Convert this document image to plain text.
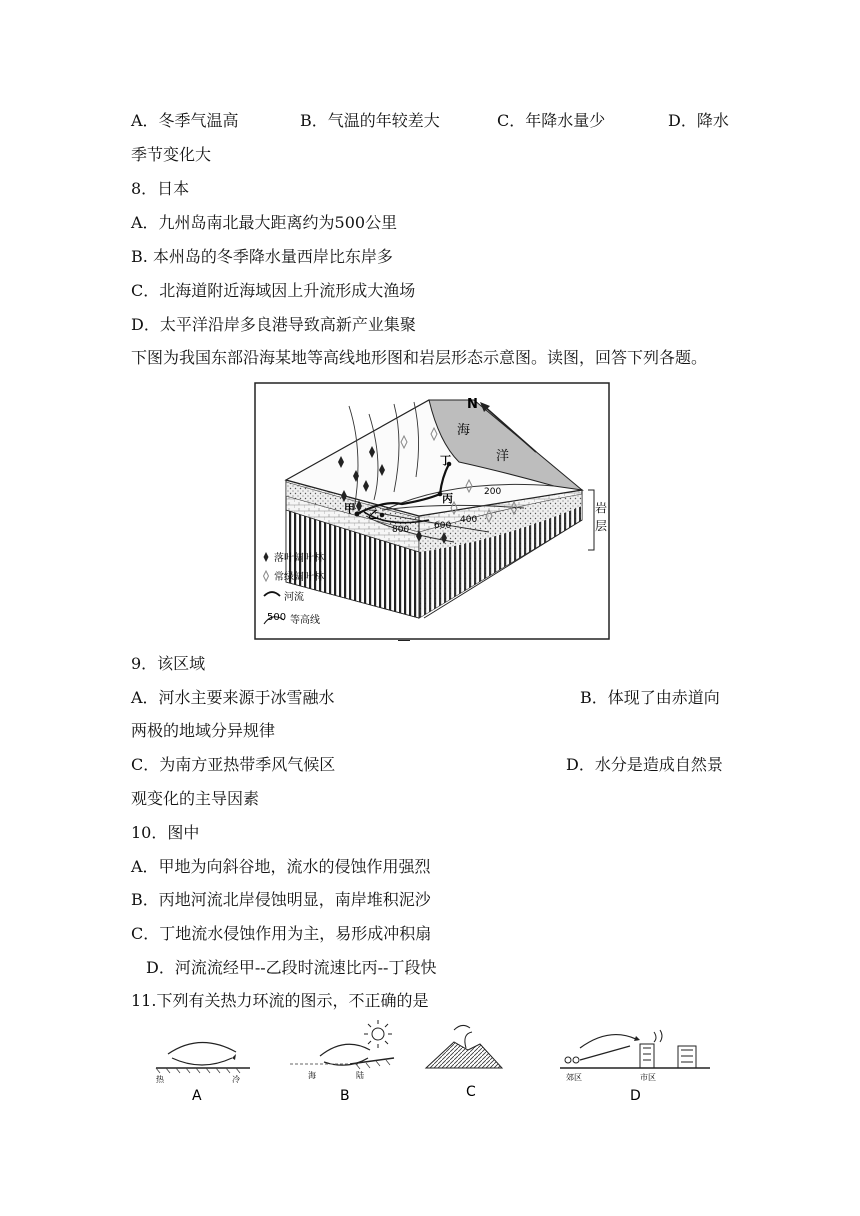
A．冬季气温高	B．气温的年较差大	C．年降水量少	D．降水
季节变化大
8．日本
A．九州岛南北最大距离约为500公里
B. 本州岛的冬季降水量西岸比东岸多
C．北海道附近海域因上升流形成大渔场
D．太平洋沿岸多良港导致高新产业集聚
下图为我国东部沿海某地等高线地形图和岩层形态示意图。读图，回答下列各题。
N
海
洋
岩
层
甲 乙
丙
丁
200
400
600
800
落叶阔叶林
常绿阔叶林
河流
500 等高线
9．该区域
A．河水主要来源于冰雪融水	B．体现了由赤道向
两极的地域分异规律
C．为南方亚热带季风气候区	D．水分是造成自然景
观变化的主导因素
10．图中
A．甲地为向斜谷地，流水的侵蚀作用强烈
B．丙地河流北岸侵蚀明显，南岸堆积泥沙
C．丁地流水侵蚀作用为主，易形成冲积扇
D．河流流经甲--乙段时流速比丙--丁段快
11.下列有关热力环流的图示，不正确的是
热	冷
A
海	陆
B	C
郊区	市区
D
